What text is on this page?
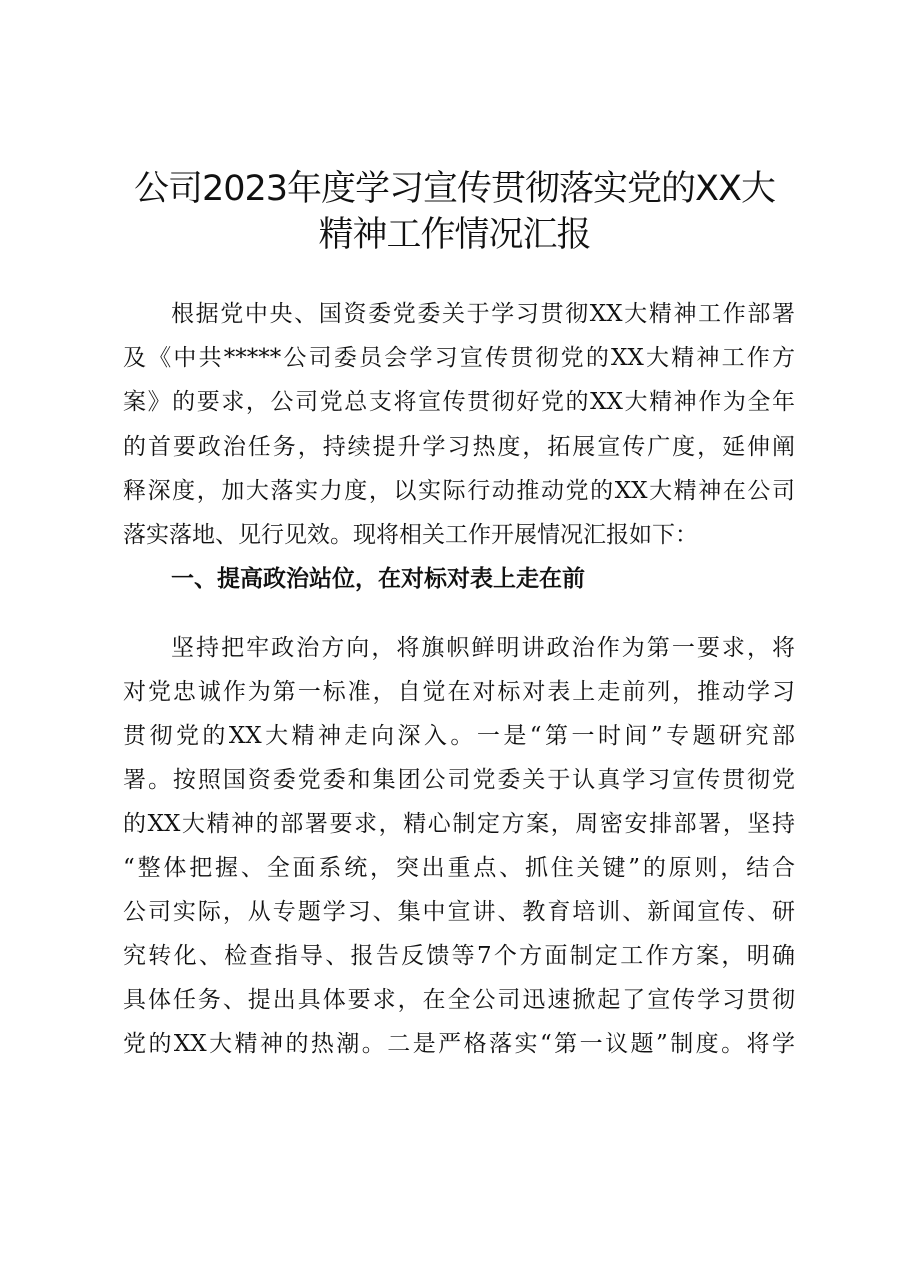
公司2023年度学习宣传贯彻落实党的XX大
精神工作情况汇报
根据党中央、国资委党委关于学习贯彻XX大精神工作部署
及《中共*****公司委员会学习宣传贯彻党的XX大精神工作方
案》的要求，公司党总支将宣传贯彻好党的XX大精神作为全年
的首要政治任务，持续提升学习热度，拓展宣传广度，延伸阐
释深度，加大落实力度，以实际行动推动党的XX大精神在公司
落实落地、见行见效。现将相关工作开展情况汇报如下：
一、提高政治站位，在对标对表上走在前
坚持把牢政治方向，将旗帜鲜明讲政治作为第一要求，将
对党忠诚作为第一标准，自觉在对标对表上走前列，推动学习
贯彻党的XX大精神走向深入。一是“第一时间”专题研究部
署。按照国资委党委和集团公司党委关于认真学习宣传贯彻党
的XX大精神的部署要求，精心制定方案，周密安排部署，坚持
“整体把握、全面系统，突出重点、抓住关键”的原则，结合
公司实际，从专题学习、集中宣讲、教育培训、新闻宣传、研
究转化、检查指导、报告反馈等7个方面制定工作方案，明确
具体任务、提出具体要求，在全公司迅速掀起了宣传学习贯彻
党的XX大精神的热潮。二是严格落实“第一议题”制度。将学
